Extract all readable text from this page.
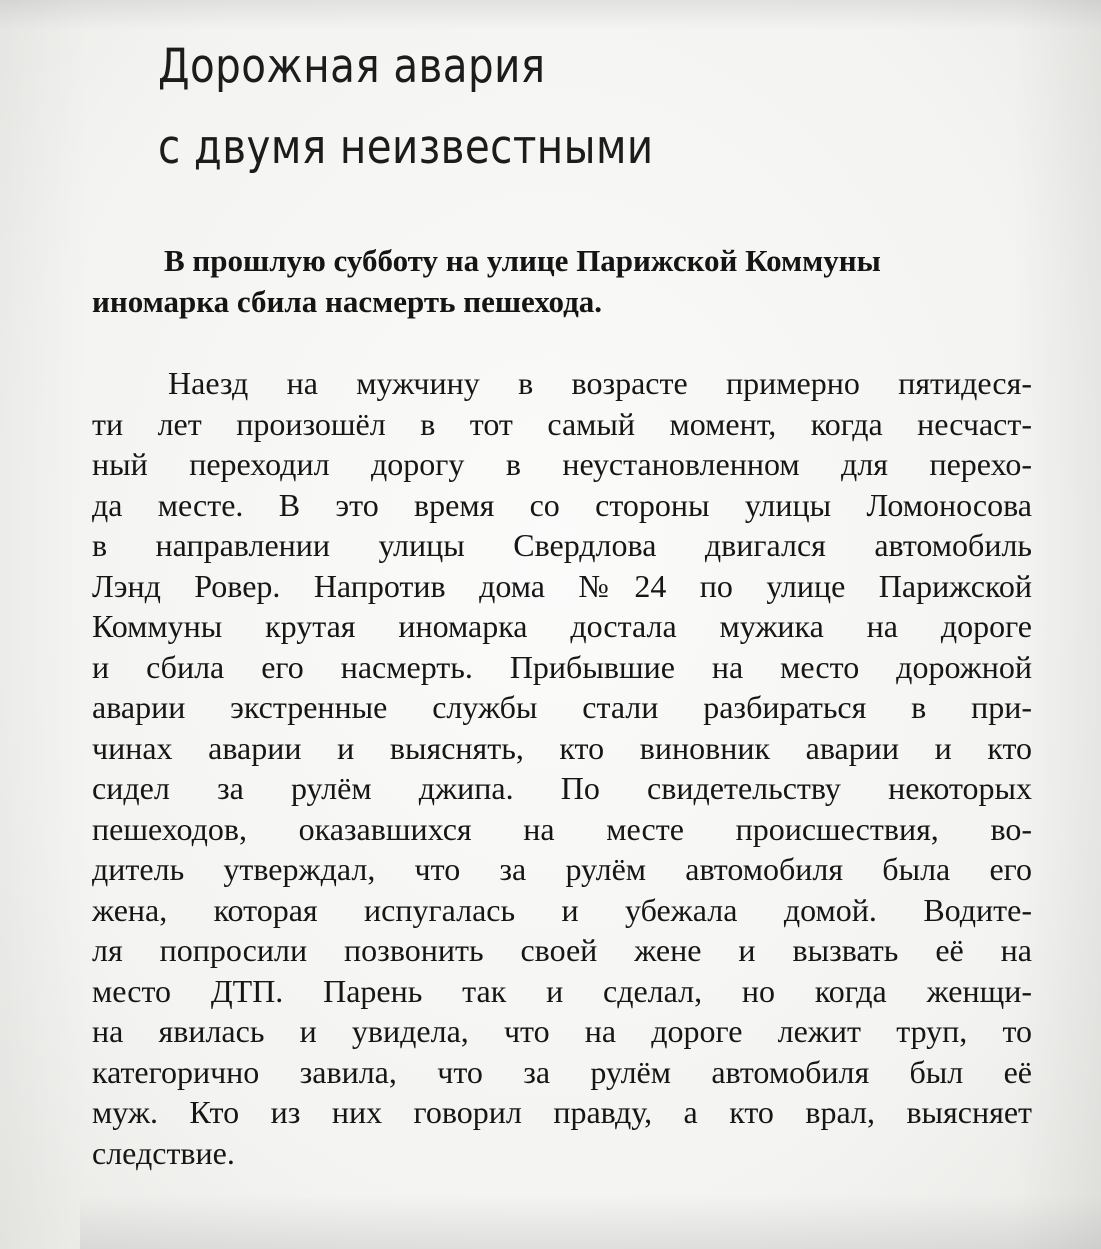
Дорожная авария
с двумя неизвестными

В прошлую субботу на улице Парижской Коммуны
иномарка сбила насмерть пешехода.

Наезд на мужчину в возрасте примерно пятидеся-
ти лет произошёл в тот самый момент, когда несчаст-
ный переходил дорогу в неустановленном для перехо-
да месте. В это время со стороны улицы Ломоносова
в направлении улицы Свердлова двигался автомобиль
Лэнд Ровер. Напротив дома №24 по улице Парижской
Коммуны крутая иномарка достала мужика на дороге
и сбила его насмерть. Прибывшие на место дорожной
аварии экстренные службы стали разбираться в при-
чинах аварии и выяснять, кто виновник аварии и кто
сидел за рулём джипа. По свидетельству некоторых
пешеходов, оказавшихся на месте происшествия, во-
дитель утверждал, что за рулём автомобиля была его
жена, которая испугалась и убежала домой. Водите-
ля попросили позвонить своей жене и вызвать её на
место ДТП. Парень так и сделал, но когда женщи-
на явилась и увидела, что на дороге лежит труп, то
категорично завила, что за рулём автомобиля был её
муж. Кто из них говорил правду, а кто врал, выясняет
следствие.
